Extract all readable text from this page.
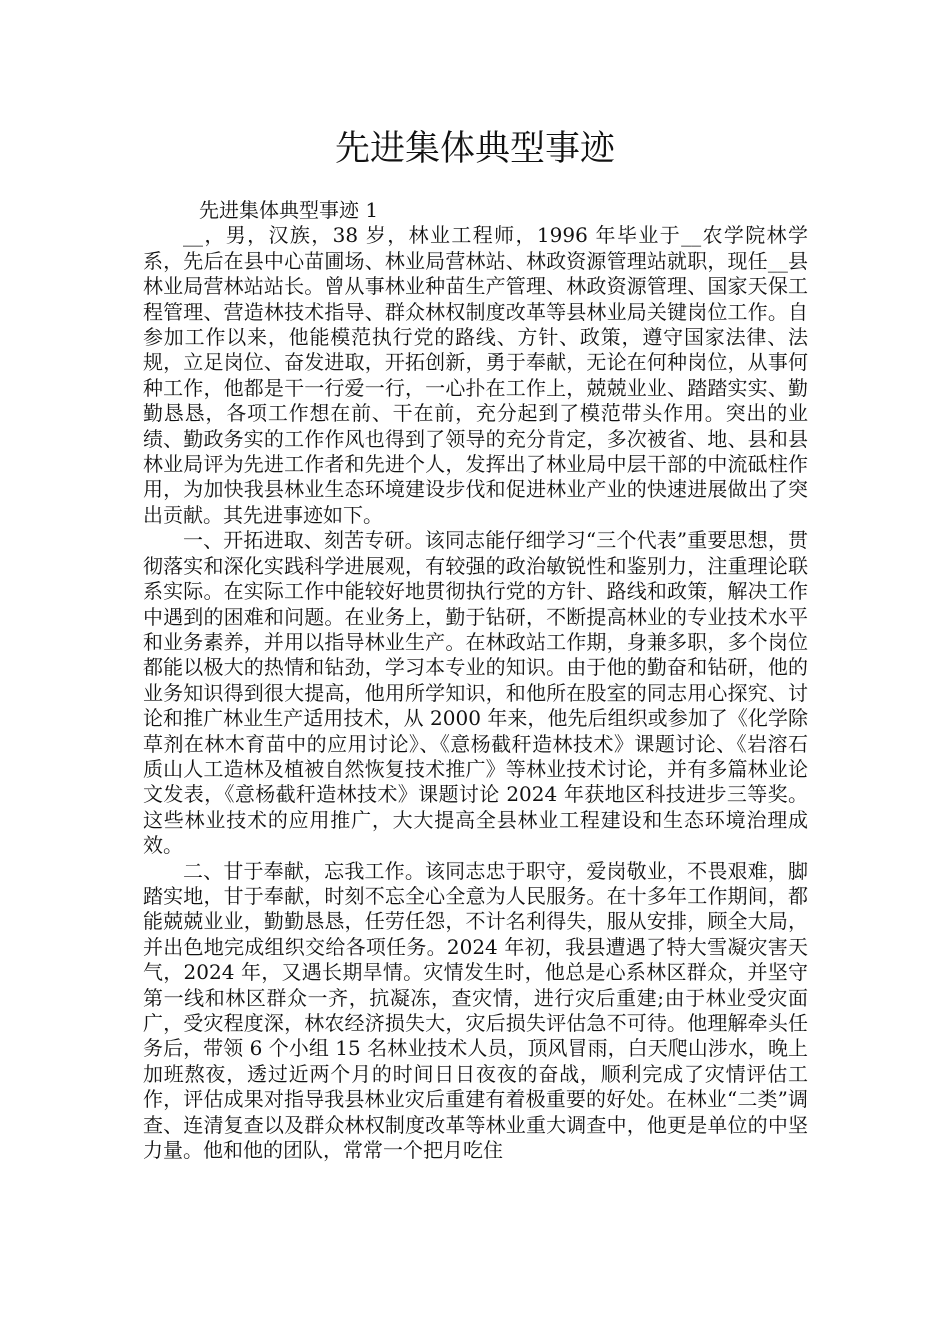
先进集体典型事迹

先进集体典型事迹 1

__，男，汉族，38 岁，林业工程师，1996 年毕业于__农学院林学系，先后在县中心苗圃场、林业局营林站、林政资源管理站就职，现任__县林业局营林站站长。曾从事林业种苗生产管理、林政资源管理、国家天保工程管理、营造林技术指导、群众林权制度改革等县林业局关键岗位工作。自参加工作以来，他能模范执行党的路线、方针、政策，遵守国家法律、法规，立足岗位、奋发进取，开拓创新，勇于奉献，无论在何种岗位，从事何种工作，他都是干一行爱一行，一心扑在工作上，兢兢业业、踏踏实实、勤勤恳恳，各项工作想在前、干在前，充分起到了模范带头作用。突出的业绩、勤政务实的工作作风也得到了领导的充分肯定，多次被省、地、县和县林业局评为先进工作者和先进个人，发挥出了林业局中层干部的中流砥柱作用，为加快我县林业生态环境建设步伐和促进林业产业的快速进展做出了突出贡献。其先进事迹如下。

一、开拓进取、刻苦专研。该同志能仔细学习“三个代表”重要思想，贯彻落实和深化实践科学进展观，有较强的政治敏锐性和鉴别力，注重理论联系实际。在实际工作中能较好地贯彻执行党的方针、路线和政策，解决工作中遇到的困难和问题。在业务上，勤于钻研，不断提高林业的专业技术水平和业务素养，并用以指导林业生产。在林政站工作期，身兼多职，多个岗位都能以极大的热情和钻劲，学习本专业的知识。由于他的勤奋和钻研，他的业务知识得到很大提高，他用所学知识，和他所在股室的同志用心探究、讨论和推广林业生产适用技术，从 2000 年来，他先后组织或参加了《化学除草剂在林木育苗中的应用讨论》、《意杨截秆造林技术》课题讨论、《岩溶石质山人工造林及植被自然恢复技术推广》等林业技术讨论，并有多篇林业论文发表，《意杨截秆造林技术》课题讨论 2024 年获地区科技进步三等奖。这些林业技术的应用推广，大大提高全县林业工程建设和生态环境治理成效。

二、甘于奉献，忘我工作。该同志忠于职守，爱岗敬业，不畏艰难，脚踏实地，甘于奉献，时刻不忘全心全意为人民服务。在十多年工作期间，都能兢兢业业，勤勤恳恳，任劳任怨，不计名利得失，服从安排，顾全大局，并出色地完成组织交给各项任务。2024 年初，我县遭遇了特大雪凝灾害天气，2024 年，又遇长期旱情。灾情发生时，他总是心系林区群众，并坚守第一线和林区群众一齐，抗凝冻，查灾情，进行灾后重建;由于林业受灾面广，受灾程度深，林农经济损失大，灾后损失评估急不可待。他理解牵头任务后，带领 6 个小组 15 名林业技术人员，顶风冒雨，白天爬山涉水，晚上加班熬夜，透过近两个月的时间日日夜夜的奋战，顺利完成了灾情评估工作，评估成果对指导我县林业灾后重建有着极重要的好处。在林业“二类”调查、连清复查以及群众林权制度改革等林业重大调查中，他更是单位的中坚力量。他和他的团队，常常一个把月吃住
